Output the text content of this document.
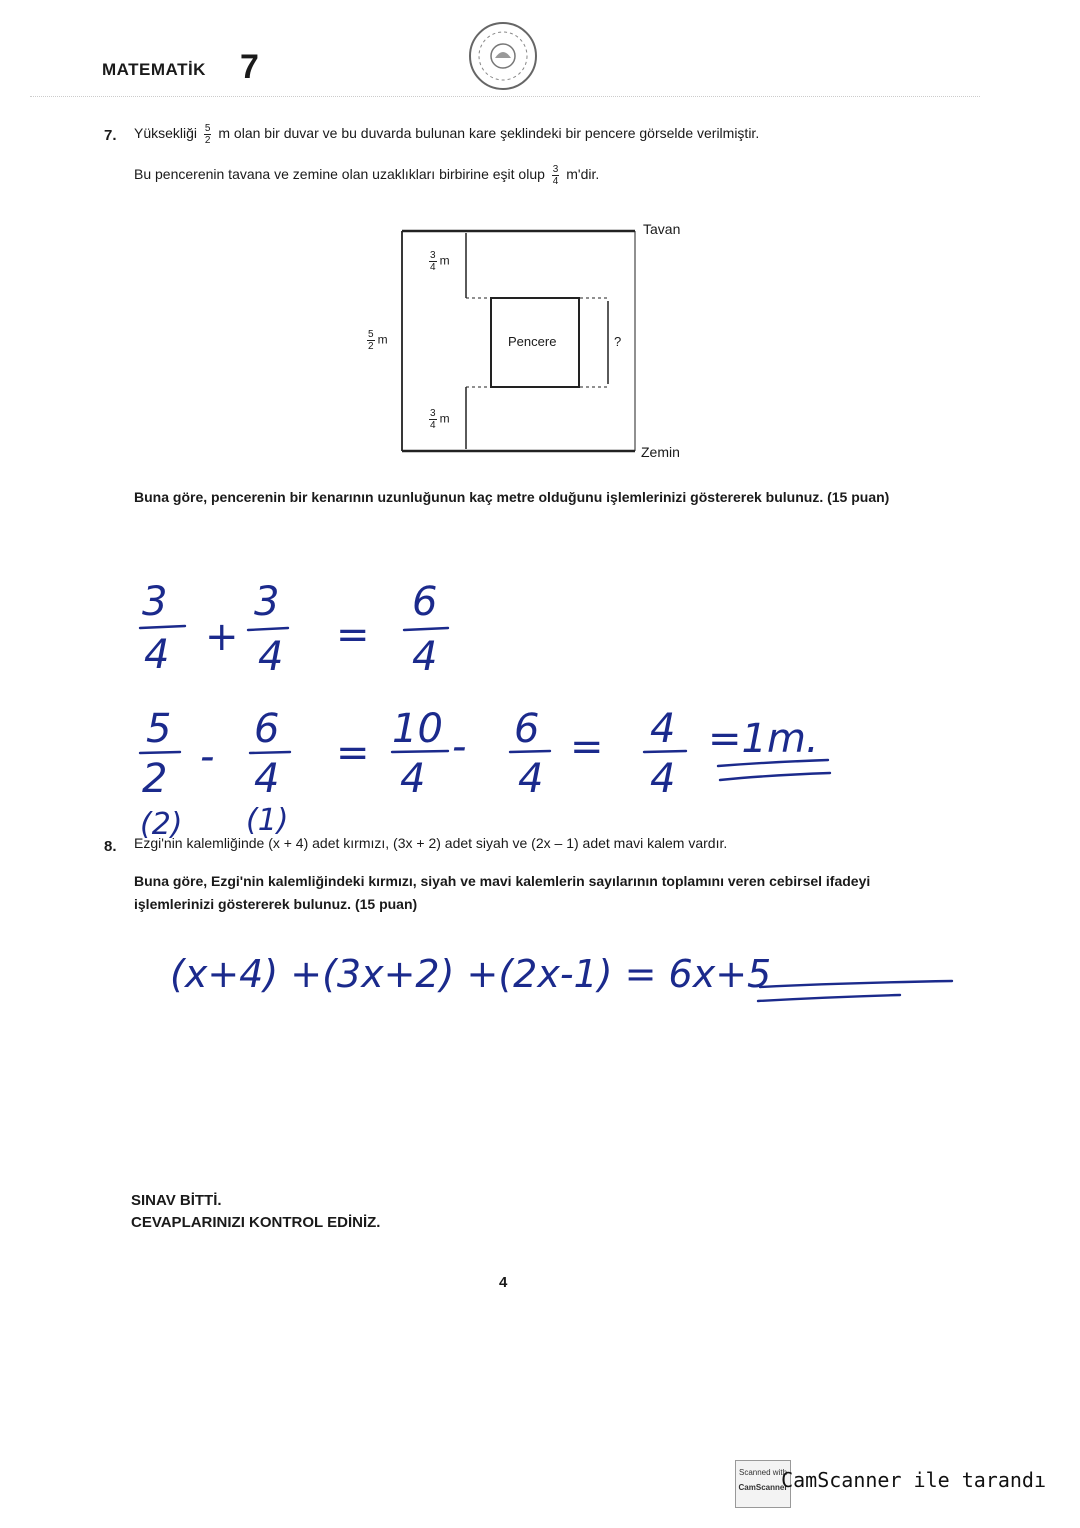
MATEMATİK 7
7. Yüksekliği $\frac{5}{2}$ m olan bir duvar ve bu duvarda bulunan kare şeklindeki bir pencere görselde verilmiştir.
Bu pencerenin tavana ve zemine olan uzaklıkları birbirine eşit olup $\frac{3}{4} m'dir$.
Tavan
Zemin
Pencere	?
$\frac{5}{2}$ m
$\frac{3}{4}$ m
$\frac{3}{4}$ m
Buna göre, pencerenin bir kenarının uzunluğunun kaç metre olduğunu işlemlerinizi göstererek bulunuz. (15 puan)
3
4 +
3
4 =
6
4
5
2 -
6
4
=
10
4
- 6
4
= 4
4
=1m.
(2) (1)
8. Ezgi'nin kalemliğinde (x + 4) adet kırmızı, (3x + 2) adet siyah ve (2x – 1) adet mavi kalem vardır.
Buna göre, Ezgi'nin kalemliğindeki kırmızı, siyah ve mavi kalemlerin sayılarının toplamını veren cebirsel ifadeyi işlemlerinizi göstererek bulunuz. (15 puan)
(x+4) +(3x+2) +(2x-1) = 6x+5
SINAV BİTTİ.
CEVAPLARINIZI KONTROL EDİNİZ.
4
Scanned with
CamScanner
CamScanner ile tarandı
